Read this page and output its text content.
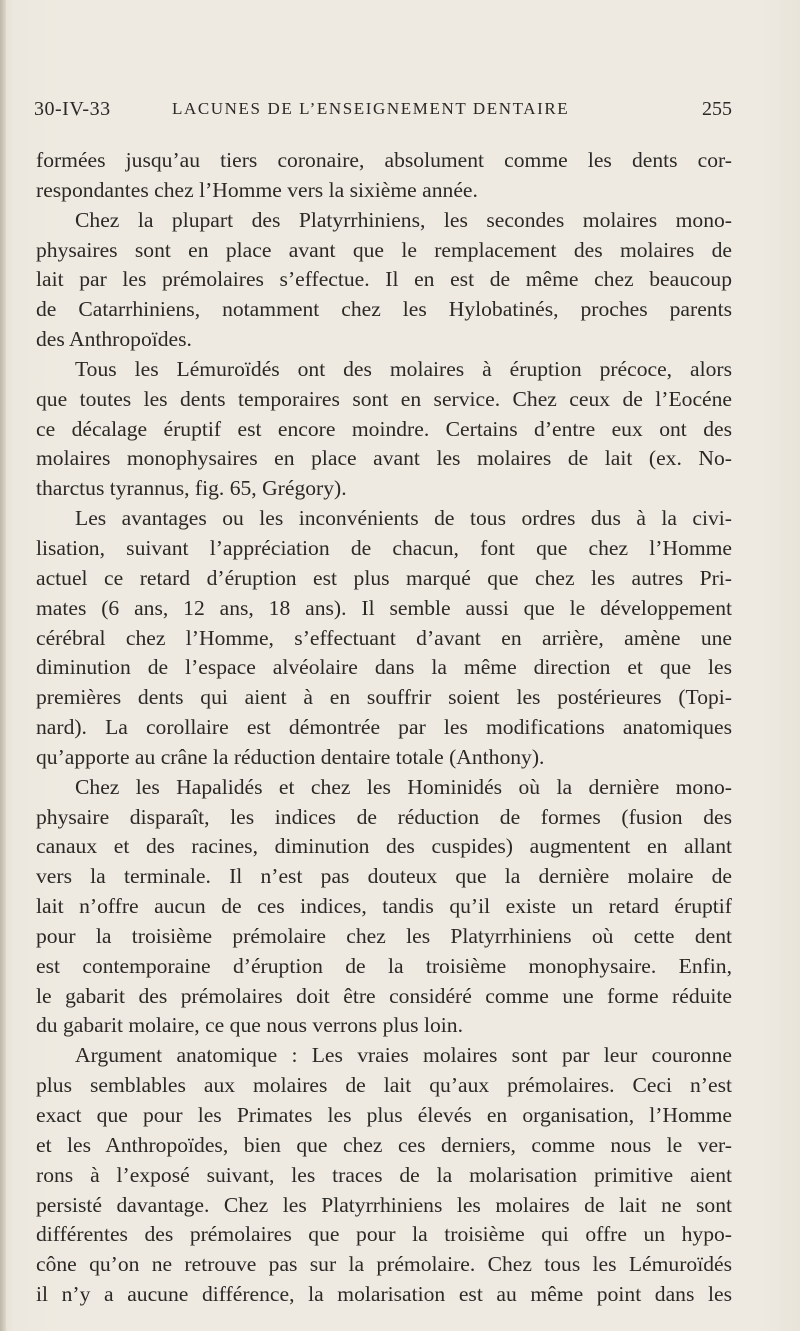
30-IV-33	LACUNES DE L’ENSEIGNEMENT DENTAIRE	255
formées jusqu’au tiers coronaire, absolument comme les dents cor-
respondantes chez l’Homme vers la sixième année.
Chez la plupart des Platyrrhiniens, les secondes molaires mono-
physaires sont en place avant que le remplacement des molaires de
lait par les prémolaires s’effectue. Il en est de même chez beaucoup
de Catarrhiniens, notamment chez les Hylobatinés, proches parents
des Anthropoïdes.
Tous les Lémuroïdés ont des molaires à éruption précoce, alors
que toutes les dents temporaires sont en service. Chez ceux de l’Eocéne
ce décalage éruptif est encore moindre. Certains d’entre eux ont des
molaires monophysaires en place avant les molaires de lait (ex. No-
tharctus tyrannus, fig. 65, Grégory).
Les avantages ou les inconvénients de tous ordres dus à la civi-
lisation, suivant l’appréciation de chacun, font que chez l’Homme
actuel ce retard d’éruption est plus marqué que chez les autres Pri-
mates (6 ans, 12 ans, 18 ans). Il semble aussi que le développement
cérébral chez l’Homme, s’effectuant d’avant en arrière, amène une
diminution de l’espace alvéolaire dans la même direction et que les
premières dents qui aient à en souffrir soient les postérieures (Topi-
nard). La corollaire est démontrée par les modifications anatomiques
qu’apporte au crâne la réduction dentaire totale (Anthony).
Chez les Hapalidés et chez les Hominidés où la dernière mono-
physaire disparaît, les indices de réduction de formes (fusion des
canaux et des racines, diminution des cuspides) augmentent en allant
vers la terminale. Il n’est pas douteux que la dernière molaire de
lait n’offre aucun de ces indices, tandis qu’il existe un retard éruptif
pour la troisième prémolaire chez les Platyrrhiniens où cette dent
est contemporaine d’éruption de la troisième monophysaire. Enfin,
le gabarit des prémolaires doit être considéré comme une forme réduite
du gabarit molaire, ce que nous verrons plus loin.
Argument anatomique : Les vraies molaires sont par leur couronne
plus semblables aux molaires de lait qu’aux prémolaires. Ceci n’est
exact que pour les Primates les plus élevés en organisation, l’Homme
et les Anthropoïdes, bien que chez ces derniers, comme nous le ver-
rons à l’exposé suivant, les traces de la molarisation primitive aient
persisté davantage. Chez les Platyrrhiniens les molaires de lait ne sont
différentes des prémolaires que pour la troisième qui offre un hypo-
cône qu’on ne retrouve pas sur la prémolaire. Chez tous les Lémuroïdés
il n’y a aucune différence, la molarisation est au même point dans les
